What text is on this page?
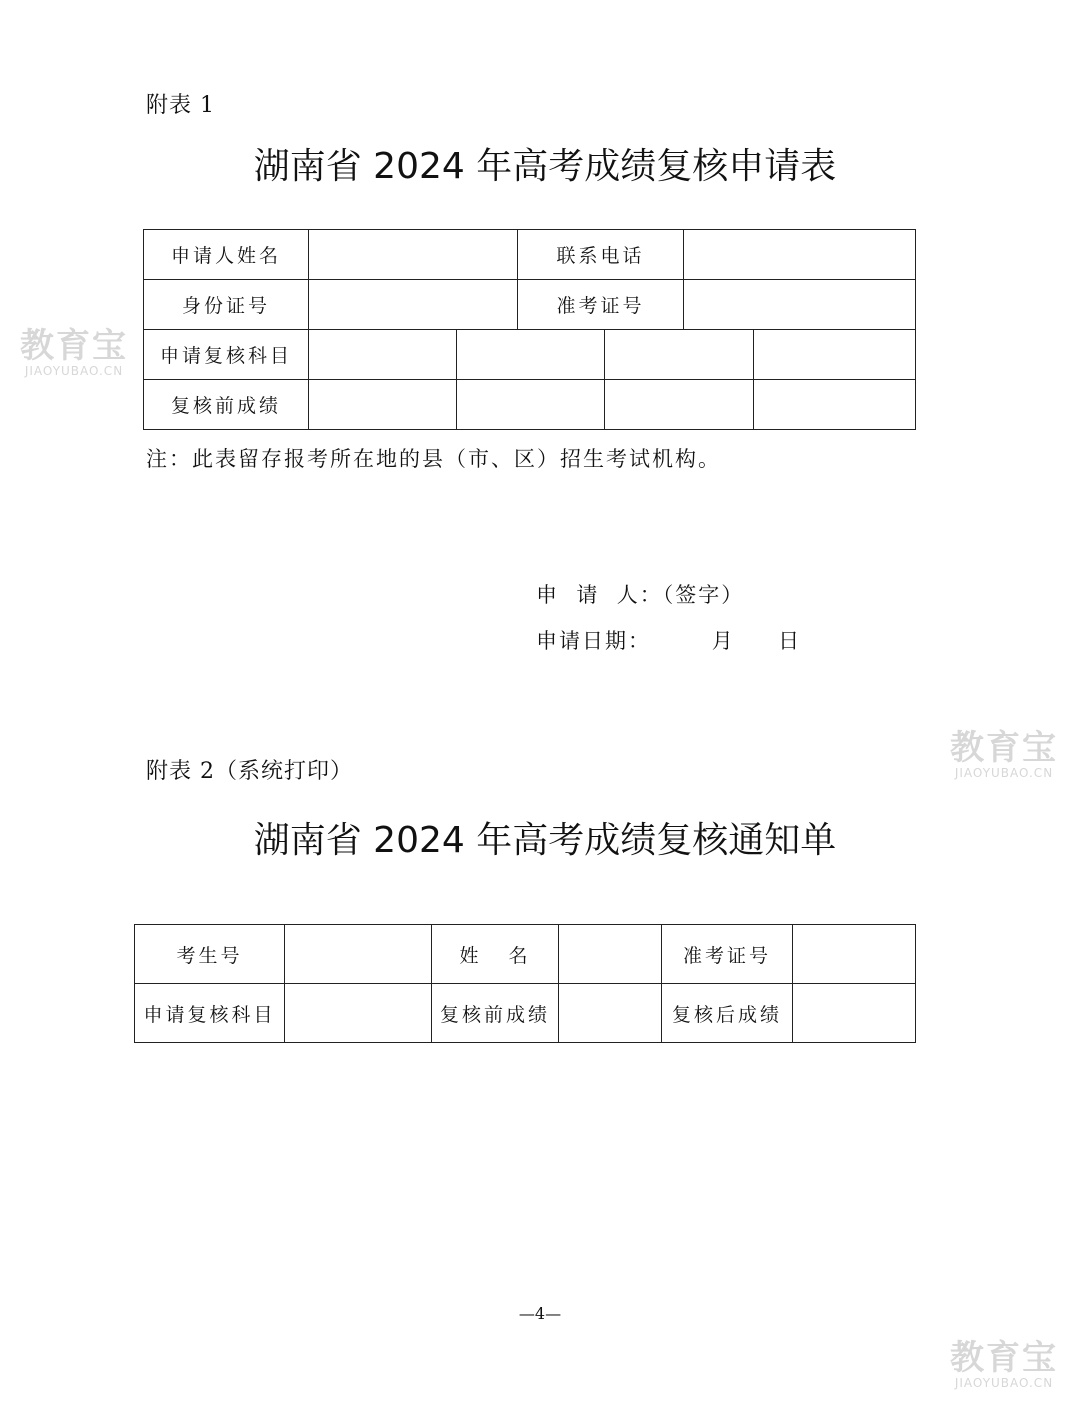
教育宝
JIAOYUBAO.CN
教育宝
JIAOYUBAO.CN
教育宝
JIAOYUBAO.CN
附表 1
湖南省 2024 年高考成绩复核申请表
申请人姓名			联系电话			
身份证号			准考证号			
申请复核科目						
复核前成绩						
注：此表留存报考所在地的县（市、区）招生考试机构。
申  请  人：（签字）
申请日期：       月     日
附表 2（系统打印）
湖南省 2024 年高考成绩复核通知单
考生号		姓   名		准考证号	
申请复核科目		复核前成绩		复核后成绩	
—4—
